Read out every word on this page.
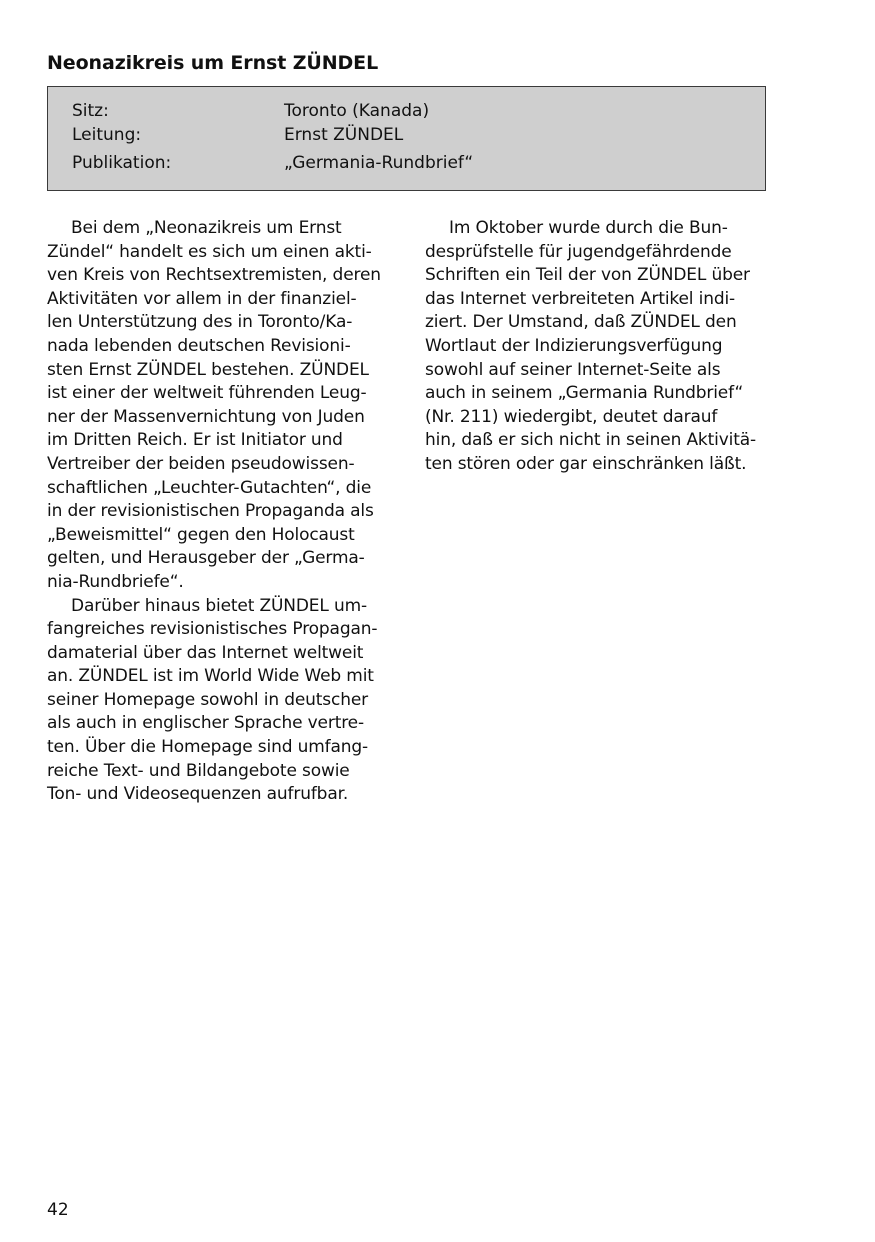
Neonazikreis um Ernst ZÜNDEL
Sitz:	Toronto (Kanada)
Leitung:	Ernst ZÜNDEL
Publikation:	„Germania-Rundbrief“

Bei dem „Neonazikreis um Ernst
Zündel“ handelt es sich um einen akti-
ven Kreis von Rechtsextremisten, deren
Aktivitäten vor allem in der finanziel-
len Unterstützung des in Toronto/Ka-
nada lebenden deutschen Revisioni-
sten Ernst ZÜNDEL bestehen. ZÜNDEL
ist einer der weltweit führenden Leug-
ner der Massenvernichtung von Juden
im Dritten Reich. Er ist Initiator und
Vertreiber der beiden pseudowissen-
schaftlichen „Leuchter-Gutachten“, die
in der revisionistischen Propaganda als
„Beweismittel“ gegen den Holocaust
gelten, und Herausgeber der „Germa-
nia-Rundbriefe“.

Darüber hinaus bietet ZÜNDEL um-
fangreiches revisionistisches Propagan-
damaterial über das Internet weltweit
an. ZÜNDEL ist im World Wide Web mit
seiner Homepage sowohl in deutscher
als auch in englischer Sprache vertre-
ten. Über die Homepage sind umfang-
reiche Text- und Bildangebote sowie
Ton- und Videosequenzen aufrufbar.

Im Oktober wurde durch die Bun-
desprüfstelle für jugendgefährdende
Schriften ein Teil der von ZÜNDEL über
das Internet verbreiteten Artikel indi-
ziert. Der Umstand, daß ZÜNDEL den
Wortlaut der Indizierungsverfügung
sowohl auf seiner Internet-Seite als
auch in seinem „Germania Rundbrief“
(Nr. 211) wiedergibt, deutet darauf
hin, daß er sich nicht in seinen Aktivitä-
ten stören oder gar einschränken läßt.

42
